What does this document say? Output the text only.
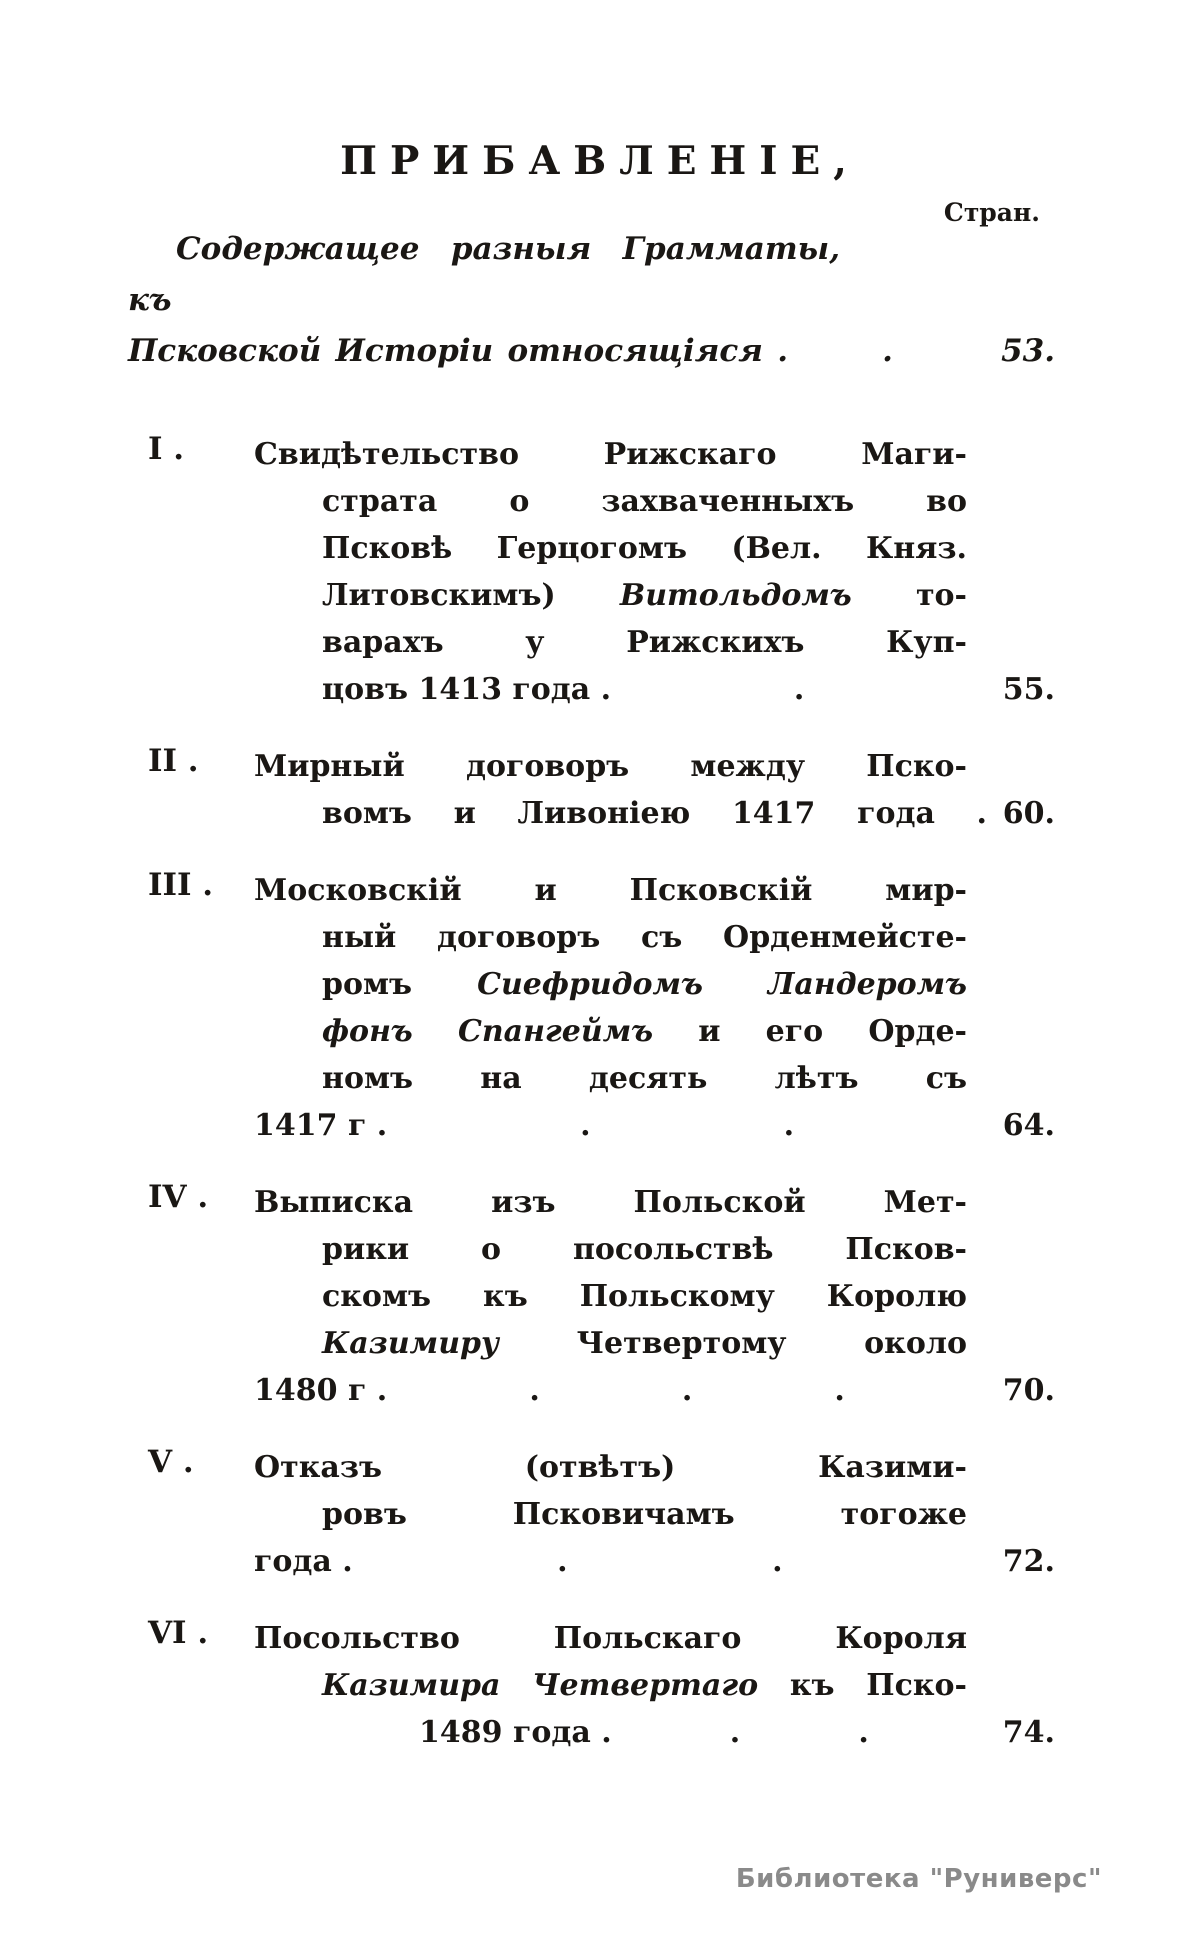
ПРИБАВЛЕНІЕ,
Стран.
Содержащее разныя Грамматы, къ
Псковской Исторіи относящіяся .	.	53.
I .	Свидѣтельство Рижскаго Маги-
страта о захваченныхъ во
Псковѣ Герцогомъ (Вел. Княз.
Литовскимъ) Витольдомъ то-
варахъ у Рижскихъ Куп-
цовъ 1413 года .	.	55.
II .	Мирный договоръ между Пско-
вомъ и Ливоніею 1417 года . 60.
III .	Московскій и Псковскій мир-
ный договоръ съ Орденмейсте-
ромъ Сиефридомъ Ландеромъ
фонъ Спангеймъ и его Орде-
номъ на десять лѣтъ съ
1417 г .	.	.	64.
IV .	Выписка изъ Польской Мет-
рики о посольствѣ Псков-
скомъ къ Польскому Королю
Казимиру Четвертому около
1480 г .	.	.	.	70.
V .	Отказъ (отвѣтъ) Казими-
ровъ Псковичамъ тогоже
года .	.	.	72.
VI .	Посольство Польскаго Короля
Казимира Четвертаго къ Пско-
1489 года .	.	.	74.
Библиотека "Руниверс"
